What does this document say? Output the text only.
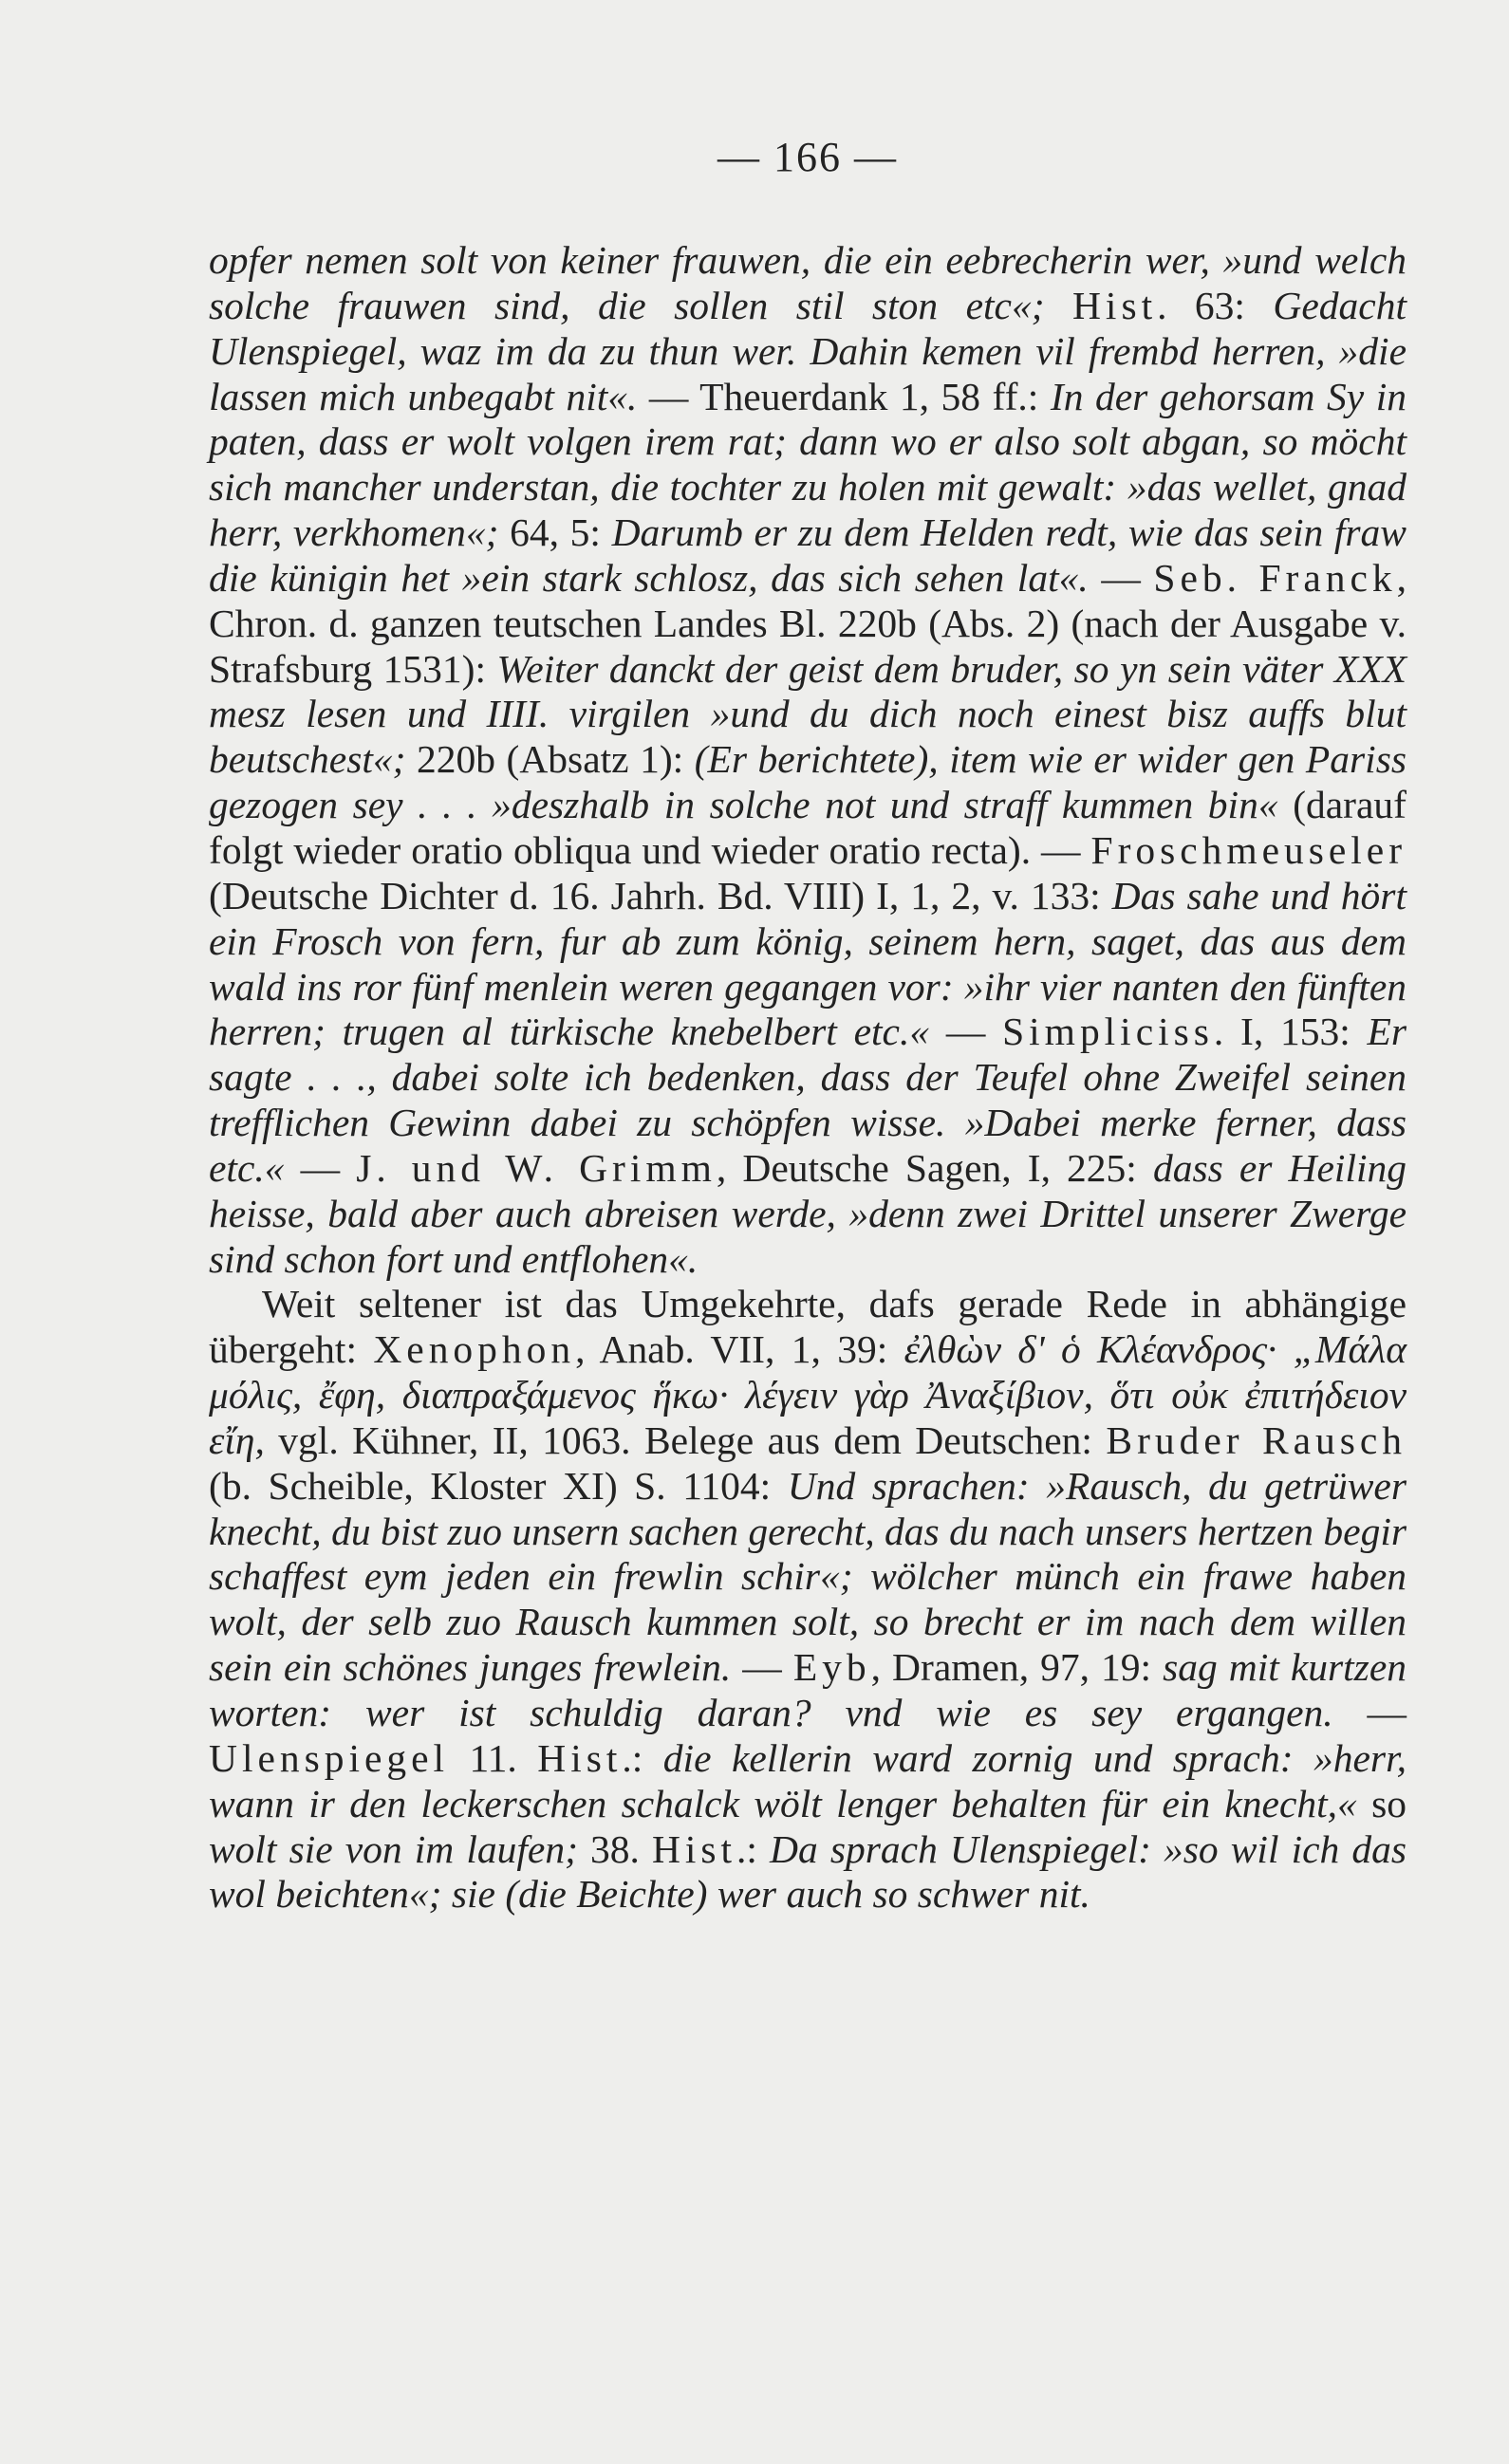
— 166 —

opfer nemen solt von keiner frauwen, die ein eebrecherin wer, »und welch solche frauwen sind, die sollen stil ston etc«; Hist. 63: Gedacht Ulenspiegel, waz im da zu thun wer. Dahin kemen vil frembd herren, »die lassen mich unbegabt nit«. — Theuerdank 1, 58 ff.: In der gehorsam Sy in paten, dass er wolt volgen irem rat; dann wo er also solt abgan, so möcht sich mancher understan, die tochter zu holen mit gewalt: »das wellet, gnad herr, verkhomen«; 64, 5: Darumb er zu dem Helden redt, wie das sein fraw die künigin het »ein stark schlosz, das sich sehen lat«. — Seb. Franck, Chron. d. ganzen teutschen Landes Bl. 220b (Abs. 2) (nach der Ausgabe v. Strafsburg 1531): Weiter danckt der geist dem bruder, so yn sein väter XXX mesz lesen und IIII. virgilen »und du dich noch einest bisz auffs blut beutschest«; 220b (Absatz 1): (Er berichtete), item wie er wider gen Pariss gezogen sey . . . »deszhalb in solche not und straff kummen bin« (darauf folgt wieder oratio obliqua und wieder oratio recta). — Froschmeuseler (Deutsche Dichter d. 16. Jahrh. Bd. VIII) I, 1, 2, v. 133: Das sahe und hört ein Frosch von fern, fur ab zum könig, seinem hern, saget, das aus dem wald ins ror fünf menlein weren gegangen vor: »ihr vier nanten den fünften herren; trugen al türkische knebelbert etc.« — Simpliciss. I, 153: Er sagte . . ., dabei solte ich bedenken, dass der Teufel ohne Zweifel seinen trefflichen Gewinn dabei zu schöpfen wisse. »Dabei merke ferner, dass etc.« — J. und W. Grimm, Deutsche Sagen, I, 225: dass er Heiling heisse, bald aber auch abreisen werde, »denn zwei Drittel unserer Zwerge sind schon fort und entflohen«.

Weit seltener ist das Umgekehrte, dafs gerade Rede in abhängige übergeht: Xenophon, Anab. VII, 1, 39: ἐλθὼν δ' ὁ Κλέανδρος· „Μάλα μόλις, ἔφη, διαπραξάμενος ἥκω· λέγειν γὰρ Ἀναξίβιον, ὅτι οὐκ ἐπιτήδειον εἴη, vgl. Kühner, II, 1063. Belege aus dem Deutschen: Bruder Rausch (b. Scheible, Kloster XI) S. 1104: Und sprachen: »Rausch, du getrüwer knecht, du bist zuo unsern sachen gerecht, das du nach unsers hertzen begir schaffest eym jeden ein frewlin schir«; wölcher münch ein frawe haben wolt, der selb zuo Rausch kummen solt, so brecht er im nach dem willen sein ein schönes junges frewlein. — Eyb, Dramen, 97, 19: sag mit kurtzen worten: wer ist schuldig daran? vnd wie es sey ergangen. — Ulenspiegel 11. Hist.: die kellerin ward zornig und sprach: »herr, wann ir den leckerschen schalck wölt lenger behalten für ein knecht,« so wolt sie von im laufen; 38. Hist.: Da sprach Ulenspiegel: »so wil ich das wol beichten«; sie (die Beichte) wer auch so schwer nit.
